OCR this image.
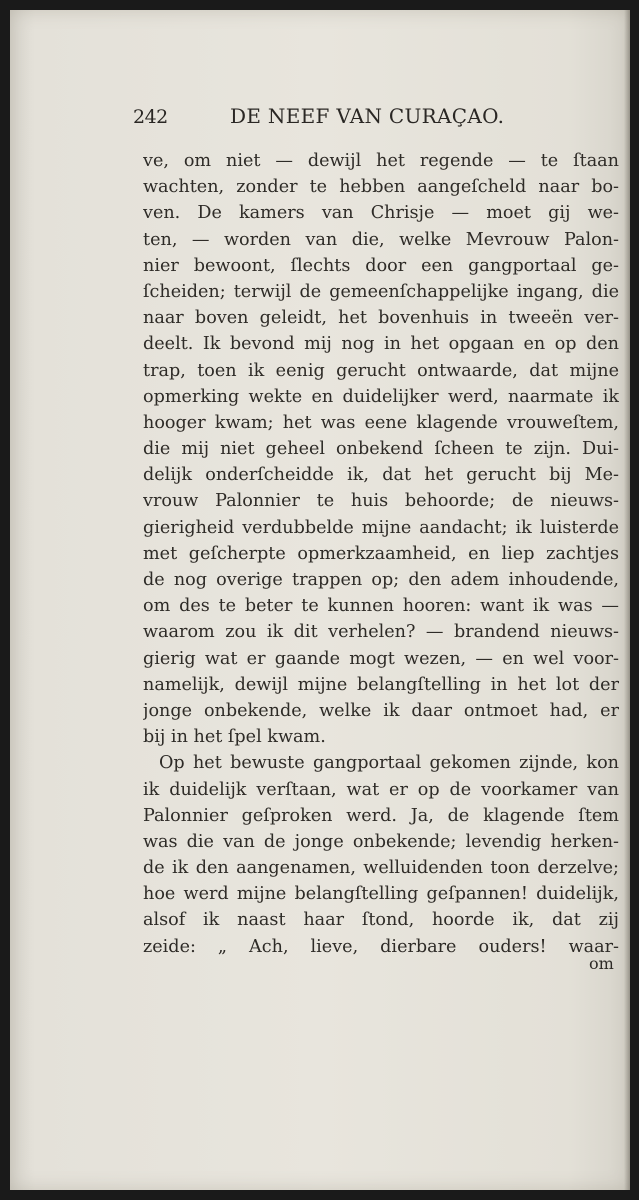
242	DE NEEF VAN CURAÇAO.
ve, om niet — dewijl het regende — te ſtaan
wachten, zonder te hebben aangeſcheld naar bo-
ven. De kamers van Chrisje — moet gij we-
ten, — worden van die, welke Mevrouw Palon-
nier bewoont, ſlechts door een gangportaal ge-
ſcheiden; terwijl de gemeenſchappelijke ingang, die
naar boven geleidt, het bovenhuis in tweeën ver-
deelt. Ik bevond mij nog in het opgaan en op den
trap, toen ik eenig gerucht ontwaarde, dat mijne
opmerking wekte en duidelijker werd, naarmate ik
hooger kwam; het was eene klagende vrouweſtem,
die mij niet geheel onbekend ſcheen te zijn. Dui-
delijk onderſcheidde ik, dat het gerucht bij Me-
vrouw Palonnier te huis behoorde; de nieuws-
gierigheid verdubbelde mijne aandacht; ik luisterde
met geſcherpte opmerkzaamheid, en liep zachtjes
de nog overige trappen op; den adem inhoudende,
om des te beter te kunnen hooren: want ik was —
waarom zou ik dit verhelen? — brandend nieuws-
gierig wat er gaande mogt wezen, — en wel voor-
namelijk, dewijl mijne belangſtelling in het lot der
jonge onbekende, welke ik daar ontmoet had, er
bij in het ſpel kwam.
Op het bewuste gangportaal gekomen zijnde, kon
ik duidelijk verſtaan, wat er op de voorkamer van
Palonnier geſproken werd. Ja, de klagende ſtem
was die van de jonge onbekende; levendig herken-
de ik den aangenamen, welluidenden toon derzelve;
hoe werd mijne belangſtelling geſpannen! duidelijk,
alsof ik naast haar ſtond, hoorde ik, dat zij
zeide: „ Ach, lieve, dierbare ouders! waar-
om
